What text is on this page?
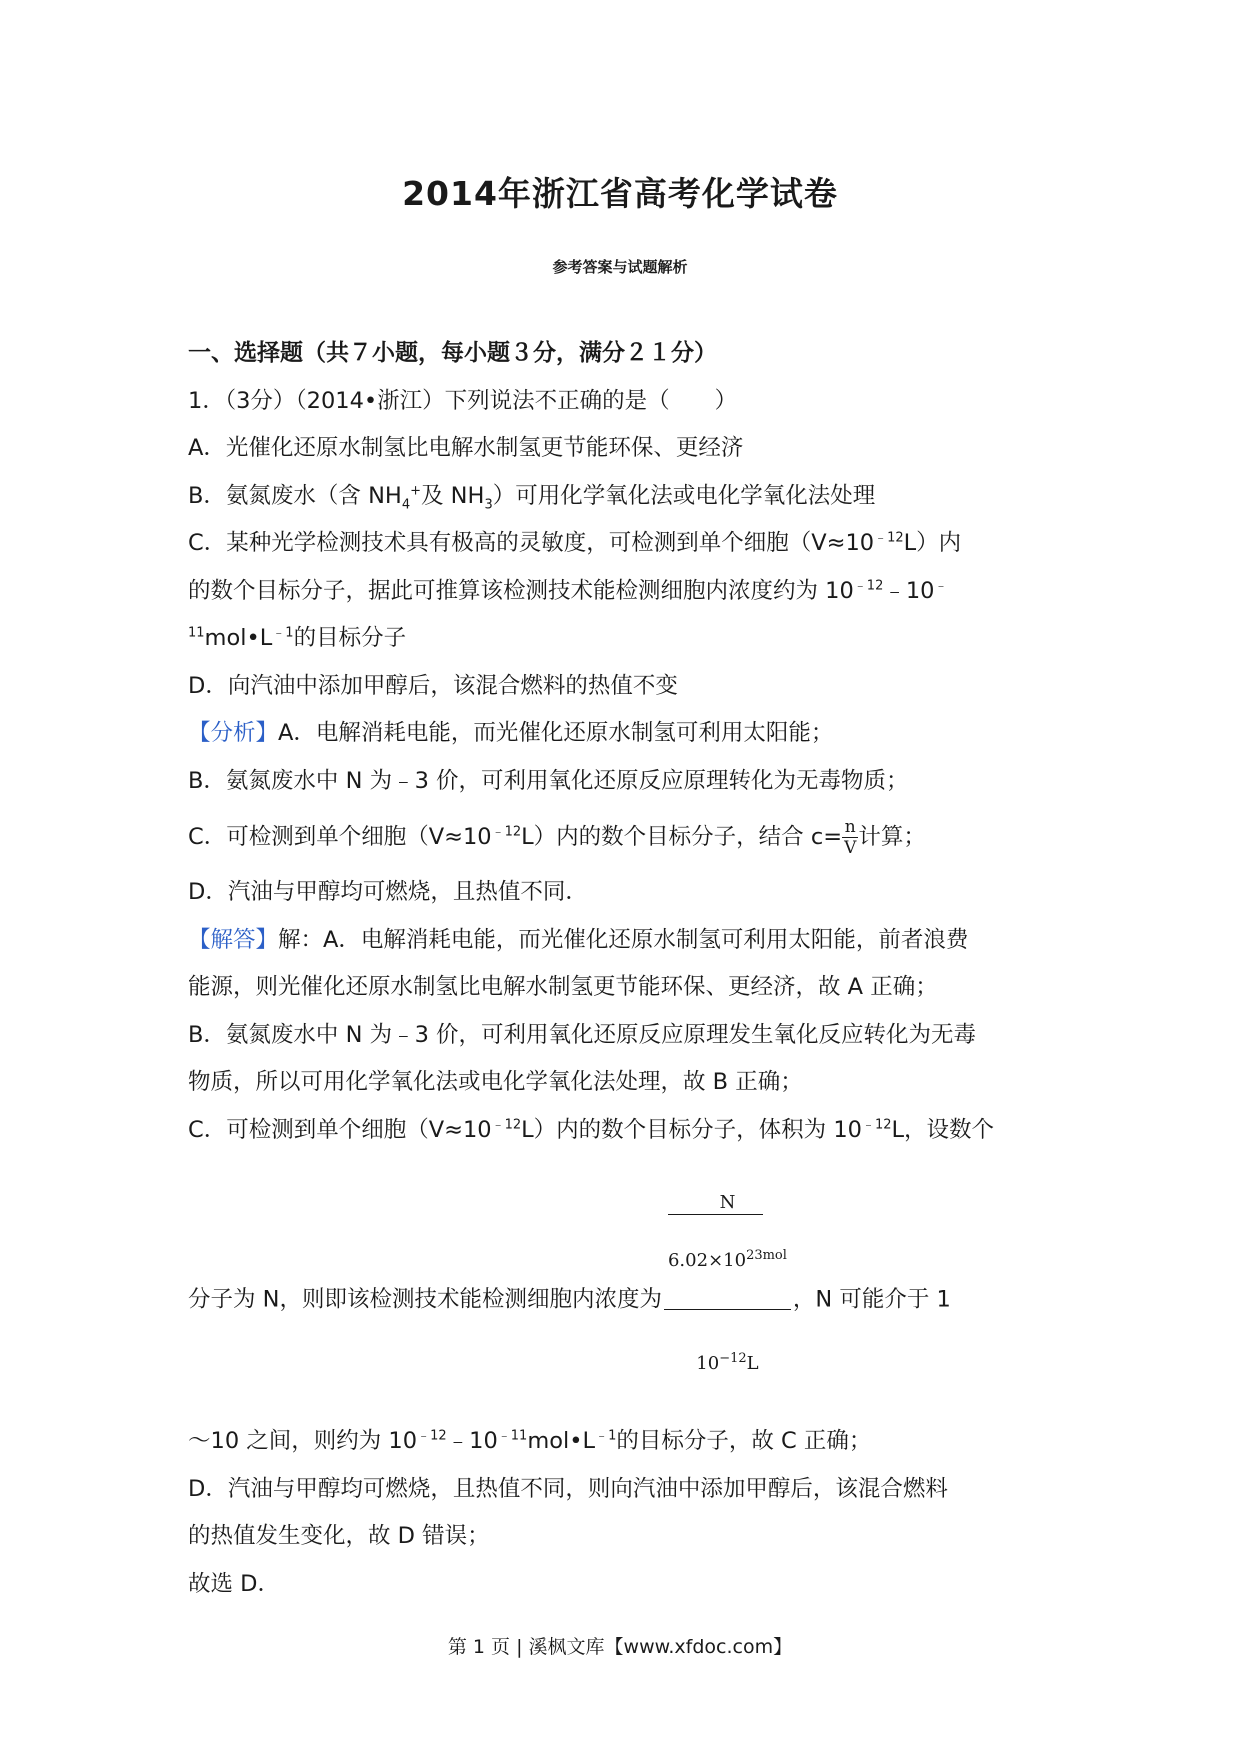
2014年浙江省高考化学试卷
参考答案与试题解析
一、选择题（共７小题，每小题３分，满分２１分）
1．（3分）（2014•浙江）下列说法不正确的是（　　）
A．光催化还原水制氢比电解水制氢更节能环保、更经济
B．氨氮废水（含 $NH_4^+$及 $NH_3$）可用化学氧化法或电化学氧化法处理
C．某种光学检测技术具有极高的灵敏度，可检测到单个细胞$(V\approx 10^{﹣12}L)$内
的数个目标分子，据此可推算该检测技术能检测细胞内浓度约为 $10^{﹣12}﹣10^﹣$
$^{11}mol•L^{﹣1}$的目标分子
D．向汽油中添加甲醇后，该混合燃料的热值不变
【分析】A．电解消耗电能，而光催化还原水制氢可利用太阳能；
B．氨氮废水中 N 为﹣3 价，可利用氧化还原反应原理转化为无毒物质；
C．可检测到单个细胞$(V\approx 10^{﹣12}L)$内的数个目标分子，结合 $c= \frac{n}{V}$ 计算；
D．汽油与甲醇均可燃烧，且热值不同．
【解答】解：A．电解消耗电能，而光催化还原水制氢可利用太阳能，前者浪费
能源，则光催化还原水制氢比电解水制氢更节能环保、更经济，故 A 正确；
B．氨氮废水中 N 为﹣3 价，可利用氧化还原反应原理发生氧化反应转化为无毒
物质，所以可用化学氧化法或电化学氧化法处理，故 B 正确；
C．可检测到单个细胞$(V\approx 10^{﹣12}L)$内的数个目标分子，体积为 $10^{﹣12}L$，设数个
分子为 N，则即该检测技术能检测细胞内浓度为 N
$6.02\times 10^{23mol}$
$10^{-12}L$ ，N 可能介于 1
～10 之间，则约为 $10^{﹣12}﹣10^{﹣11}mol•L^{﹣1}$的目标分子，故 C 正确；
D．汽油与甲醇均可燃烧，且热值不同，则向汽油中添加甲醇后，该混合燃料
的热值发生变化，故 D 错误；
故选 D．
第 1 页 | 溪枫文库【www.xfdoc.com】
